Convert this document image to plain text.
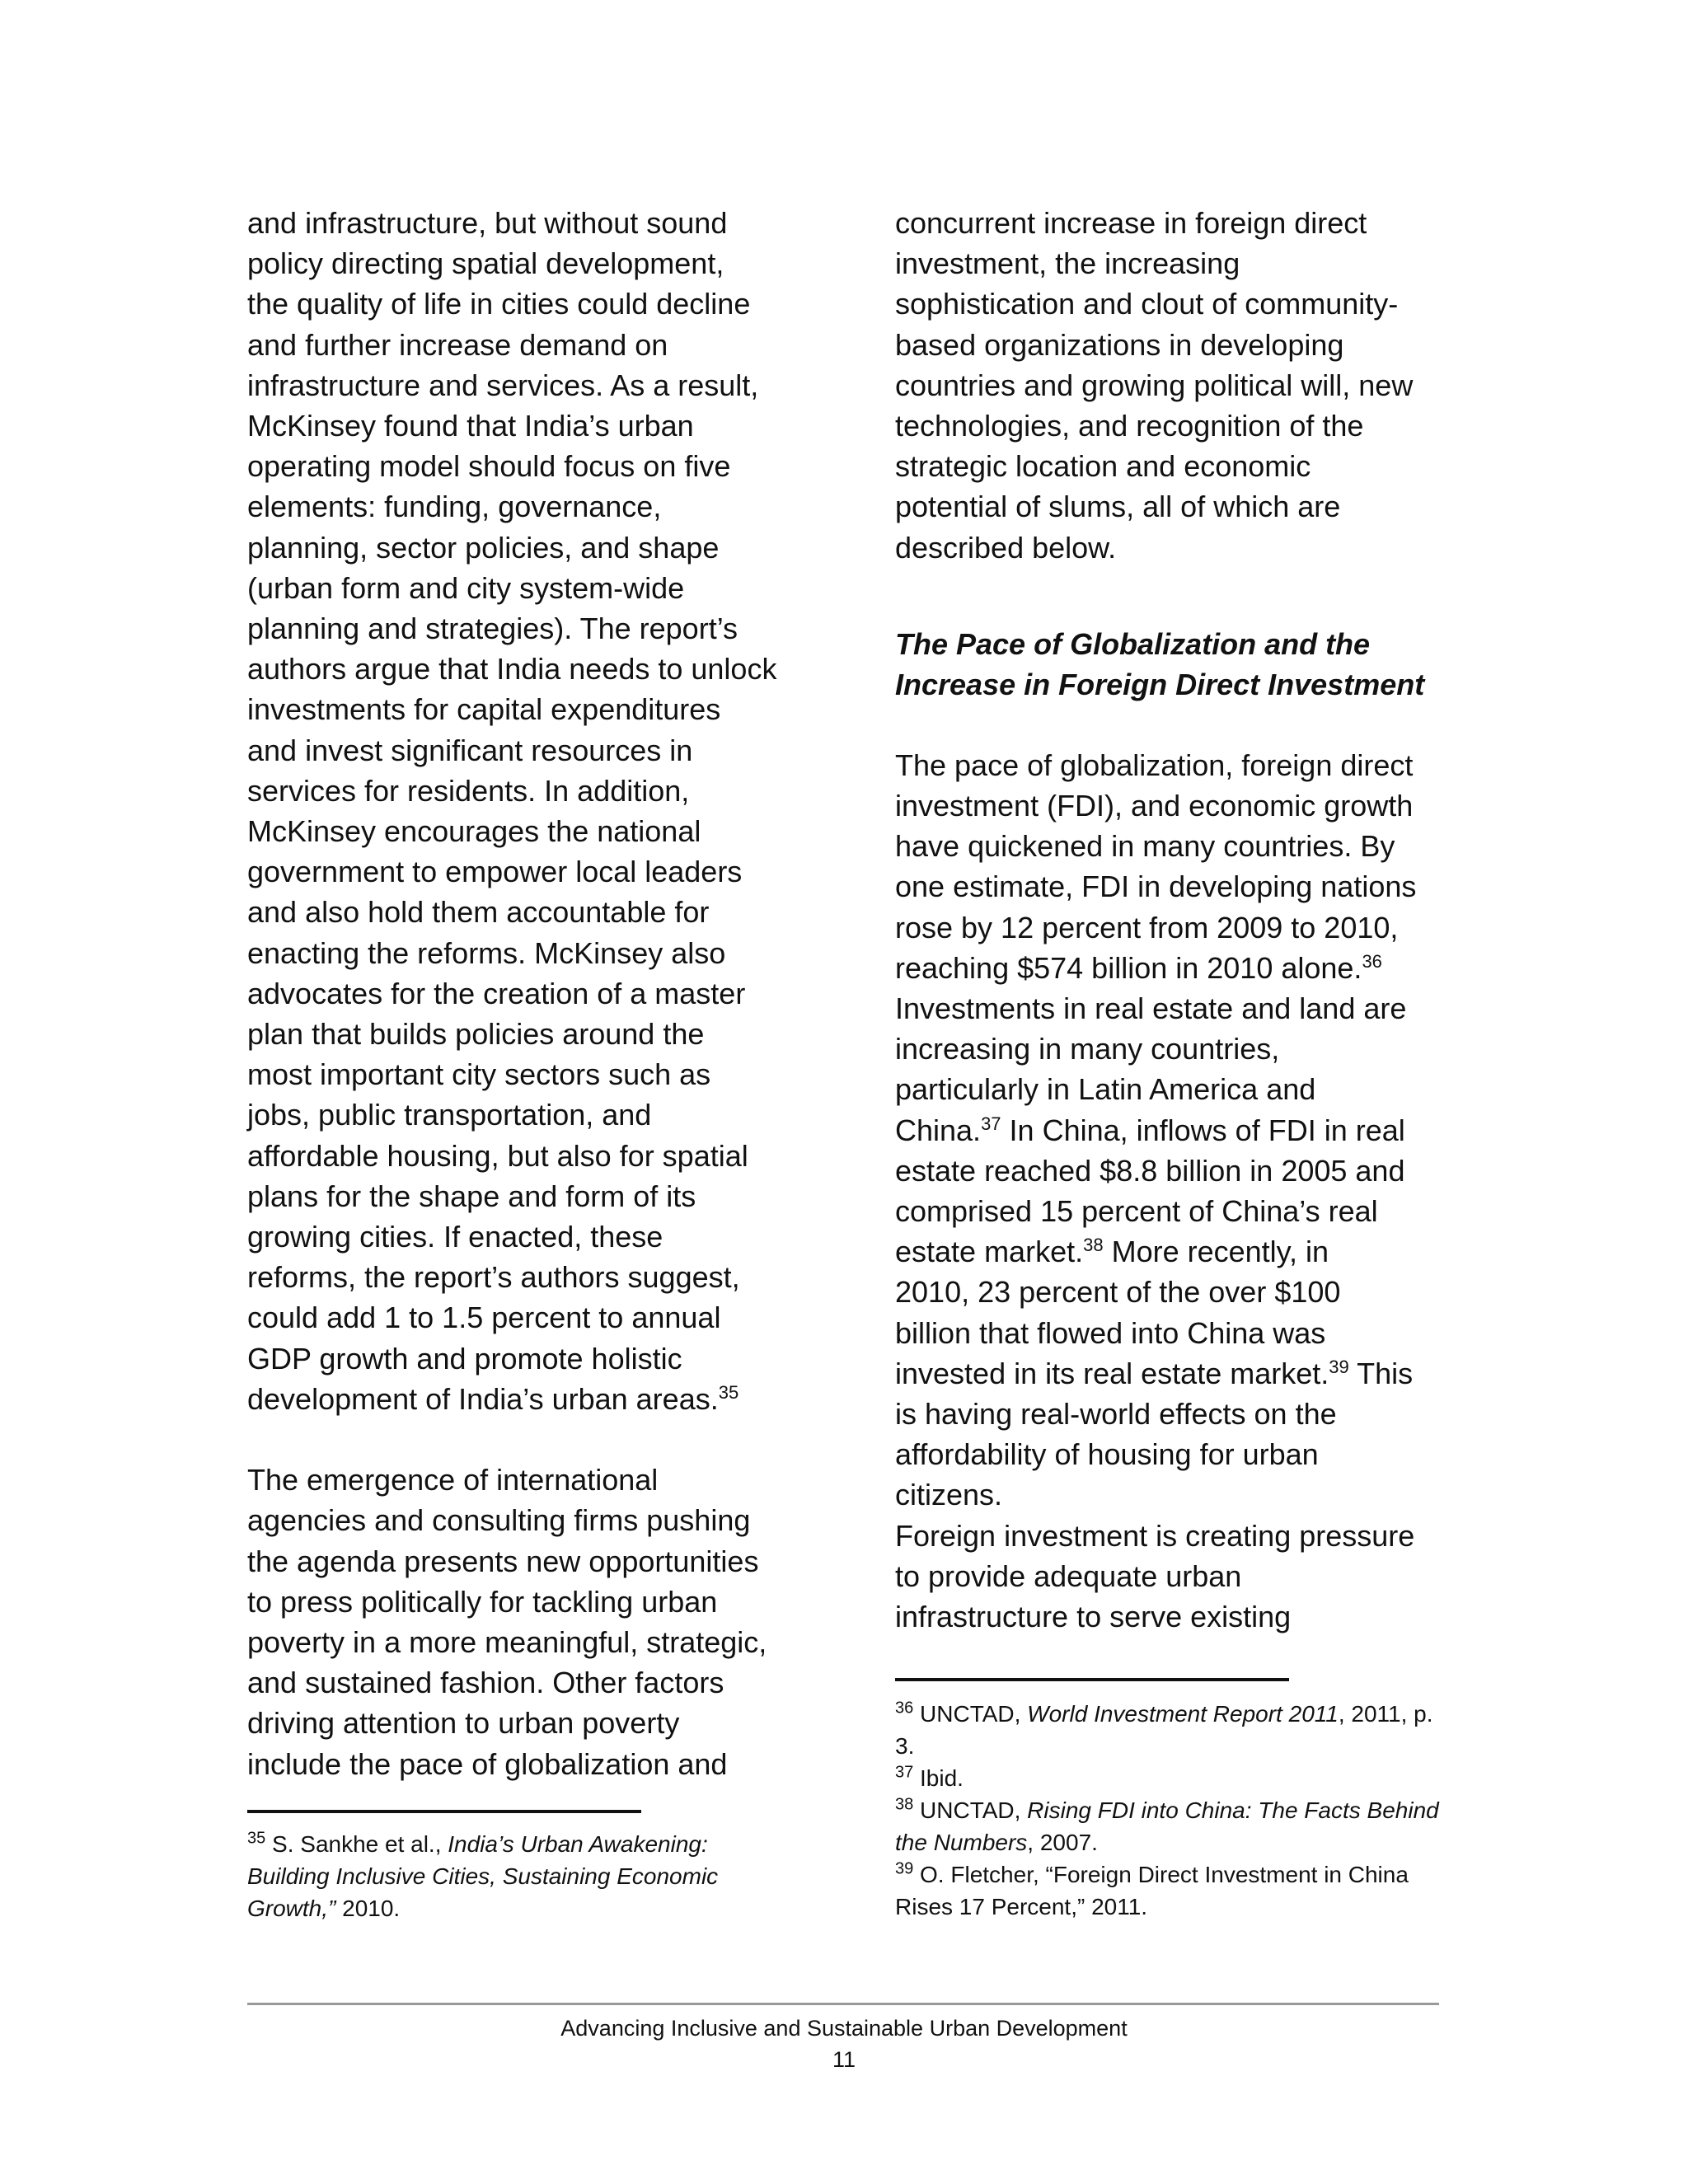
and infrastructure, but without sound
policy directing spatial development,
the quality of life in cities could decline
and further increase demand on
infrastructure and services. As a result,
McKinsey found that India’s urban
operating model should focus on five
elements: funding, governance,
planning, sector policies, and shape
(urban form and city system-wide
planning and strategies). The report’s
authors argue that India needs to unlock
investments for capital expenditures
and invest significant resources in
services for residents. In addition,
McKinsey encourages the national
government to empower local leaders
and also hold them accountable for
enacting the reforms. McKinsey also
advocates for the creation of a master
plan that builds policies around the
most important city sectors such as
jobs, public transportation, and
affordable housing, but also for spatial
plans for the shape and form of its
growing cities. If enacted, these
reforms, the report’s authors suggest,
could add 1 to 1.5 percent to annual
GDP growth and promote holistic
development of India’s urban areas.$^{35}$

The emergence of international
agencies and consulting firms pushing
the agenda presents new opportunities
to press politically for tackling urban
poverty in a more meaningful, strategic,
and sustained fashion. Other factors
driving attention to urban poverty
include the pace of globalization and

$^{35}$ S. Sankhe et al., India’s Urban Awakening: Building Inclusive Cities, Sustaining Economic Growth,” 2010.

concurrent increase in foreign direct
investment, the increasing
sophistication and clout of community-
based organizations in developing
countries and growing political will, new
technologies, and recognition of the
strategic location and economic
potential of slums, all of which are
described below.

The Pace of Globalization and the
Increase in Foreign Direct Investment

The pace of globalization, foreign direct
investment (FDI), and economic growth
have quickened in many countries. By
one estimate, FDI in developing nations
rose by 12 percent from 2009 to 2010,
reaching $574 billion in 2010 alone.$^{36}$
Investments in real estate and land are
increasing in many countries,
particularly in Latin America and
China.$^{37}$ In China, inflows of FDI in real
estate reached $8.8 billion in 2005 and
comprised 15 percent of China’s real
estate market.$^{38}$ More recently, in
2010, 23 percent of the over $100
billion that flowed into China was
invested in its real estate market.$^{39}$ This
is having real-world effects on the
affordability of housing for urban
citizens.
Foreign investment is creating pressure
to provide adequate urban
infrastructure to serve existing

$^{36}$ UNCTAD, World Investment Report 2011, 2011, p. 3.

$^{37}$ Ibid.

$^{38}$ UNCTAD, Rising FDI into China: The Facts Behind the Numbers, 2007.

$^{39}$ O. Fletcher, “Foreign Direct Investment in China Rises 17 Percent,” 2011.

Advancing Inclusive and Sustainable Urban Development
11
